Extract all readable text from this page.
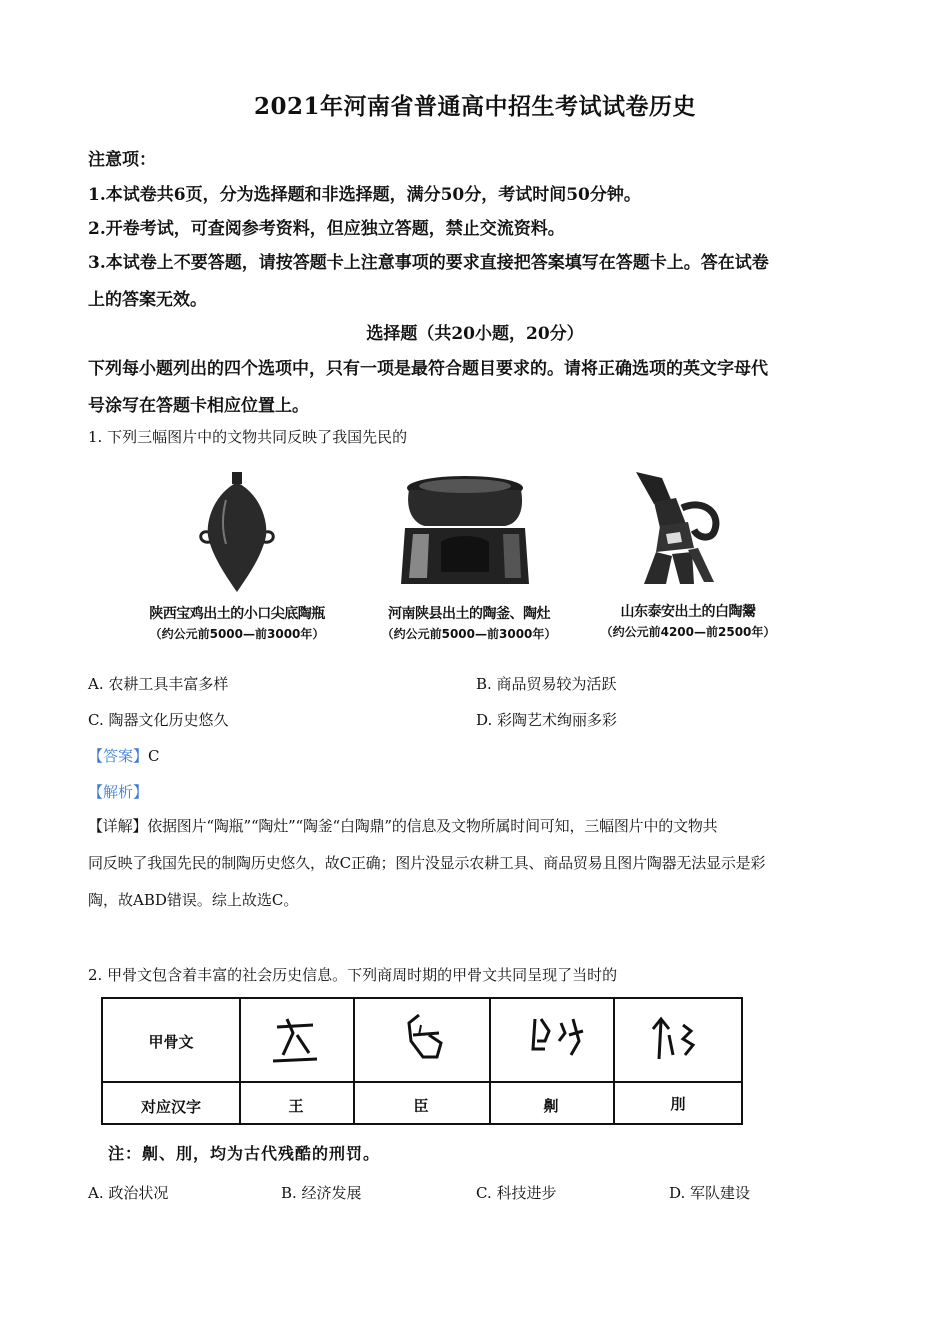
2021年河南省普通高中招生考试试卷历史
注意项：
1.本试卷共6页，分为选择题和非选择题，满分50分，考试时间50分钟。
2.开卷考试，可查阅参考资料，但应独立答题，禁止交流资料。
3.本试卷上不要答题，请按答题卡上注意事项的要求直接把答案填写在答题卡上。答在试卷
上的答案无效。
选择题（共20小题，20分）
下列每小题列出的四个选项中，只有一项是最符合题目要求的。请将正确选项的英文字母代
号涂写在答题卡相应位置上。
1. 下列三幅图片中的文物共同反映了我国先民的
陕西宝鸡出土的小口尖底陶瓶
（约公元前5000—前3000年）
河南陕县出土的陶釜、陶灶
（约公元前5000—前3000年）
山东泰安出土的白陶鬶
（约公元前4200—前2500年）
A. 农耕工具丰富多样	B. 商品贸易较为活跃
C. 陶器文化历史悠久	D. 彩陶艺术绚丽多彩
【答案】C
【解析】
【详解】依据图片“陶瓶”“陶灶”“陶釜“白陶鼎”的信息及文物所属时间可知，三幅图片中的文物共
同反映了我国先民的制陶历史悠久，故C正确；图片没显示农耕工具、商品贸易且图片陶器无法显示是彩
陶，故ABD错误。综上故选C。
2. 甲骨文包含着丰富的社会历史信息。下列商周时期的甲骨文共同呈现了当时的
甲骨文
对应汉字	王	臣	劓	刖
注：劓、刖，均为古代残酷的刑罚。
A. 政治状况	B. 经济发展	C. 科技进步	D. 军队建设
